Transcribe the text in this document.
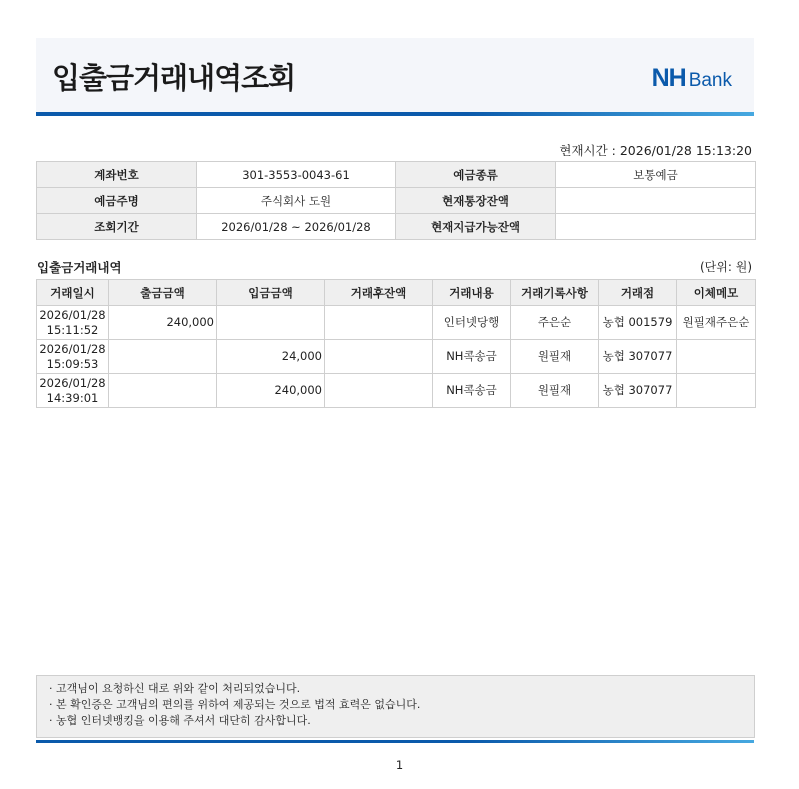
입출금거래내역조회	NH Bank
현재시간 : 2026/01/28 15:13:20
계좌번호	301-3553-0043-61	예금종류	보통예금
예금주명	주식회사 도원	현재통장잔액	
조회기간	2026/01/28 ~ 2026/01/28	현재지급가능잔액	
입출금거래내역	(단위: 원)
거래일시	출금금액	입금금액	거래후잔액	거래내용	거래기록사항	거래점	이체메모

2026/01/28
15:11:52	240,000			인터넷당행	주은순	농협 001579	원필재주은순

2026/01/28
15:09:53		24,000		NH콕송금	원필재	농협 307077	

2026/01/28
14:39:01		240,000		NH콕송금	원필재	농협 307077	
· 고객님이 요청하신 대로 위와 같이 처리되었습니다.
· 본 확인증은 고객님의 편의를 위하여 제공되는 것으로 법적 효력은 없습니다.
· 농협 인터넷뱅킹을 이용해 주셔서 대단히 감사합니다.
1
